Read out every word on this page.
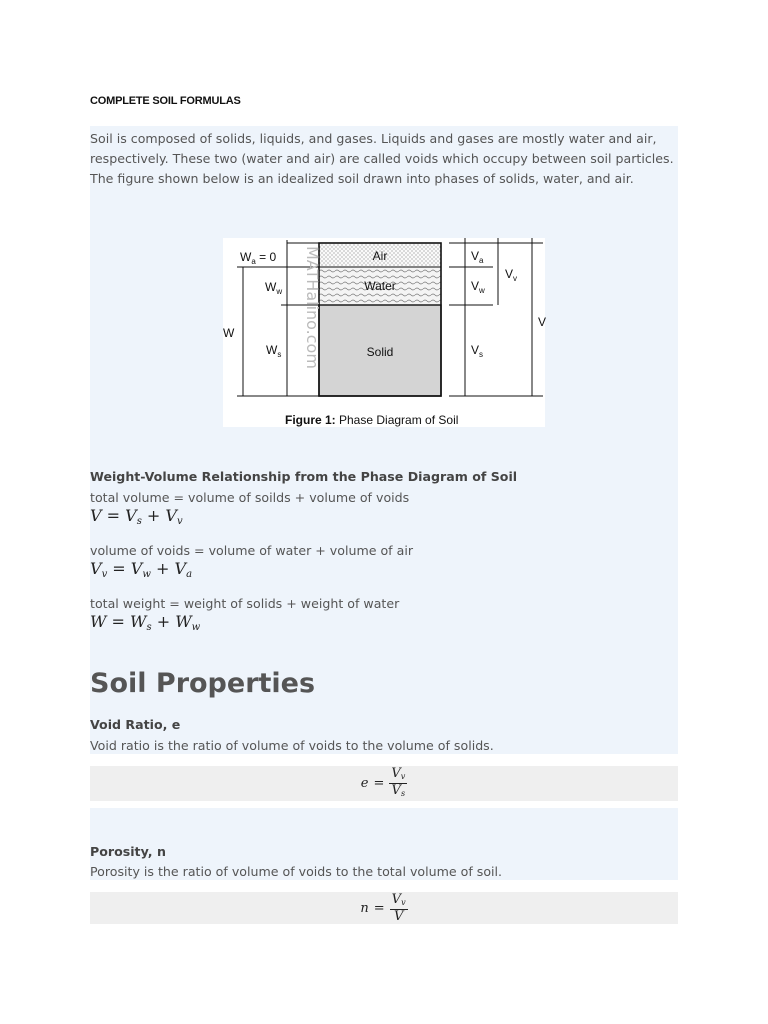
COMPLETE SOIL FORMULAS

Soil is composed of solids, liquids, and gases. Liquids and gases are mostly water and air, respectively. These two (water and air) are called voids which occupy between soil particles. The figure shown below is an idealized soil drawn into phases of solids, water, and air.

Air
Water
Solid
$W_a = 0$
$W_w$
$W_s$
W
$V_a$
$V_w$
$V_s$
$V_v$
V
MATHalino.com
Figure 1: Phase Diagram of Soil
Weight-Volume Relationship from the Phase Diagram of Soil
total volume = volume of soilds + volume of voids
$V = V_s + V_v$
volume of voids = volume of water + volume of air
$V_v = V_w + V_a$
total weight = weight of solids + weight of water
$W = W_s + W_w$
Soil Properties
Void Ratio, e
Void ratio is the ratio of volume of voids to the volume of solids.
$e = \frac{V_v}{V_s}$
Porosity, n
Porosity is the ratio of volume of voids to the total volume of soil.
$n = \frac{V_v}{V}$
